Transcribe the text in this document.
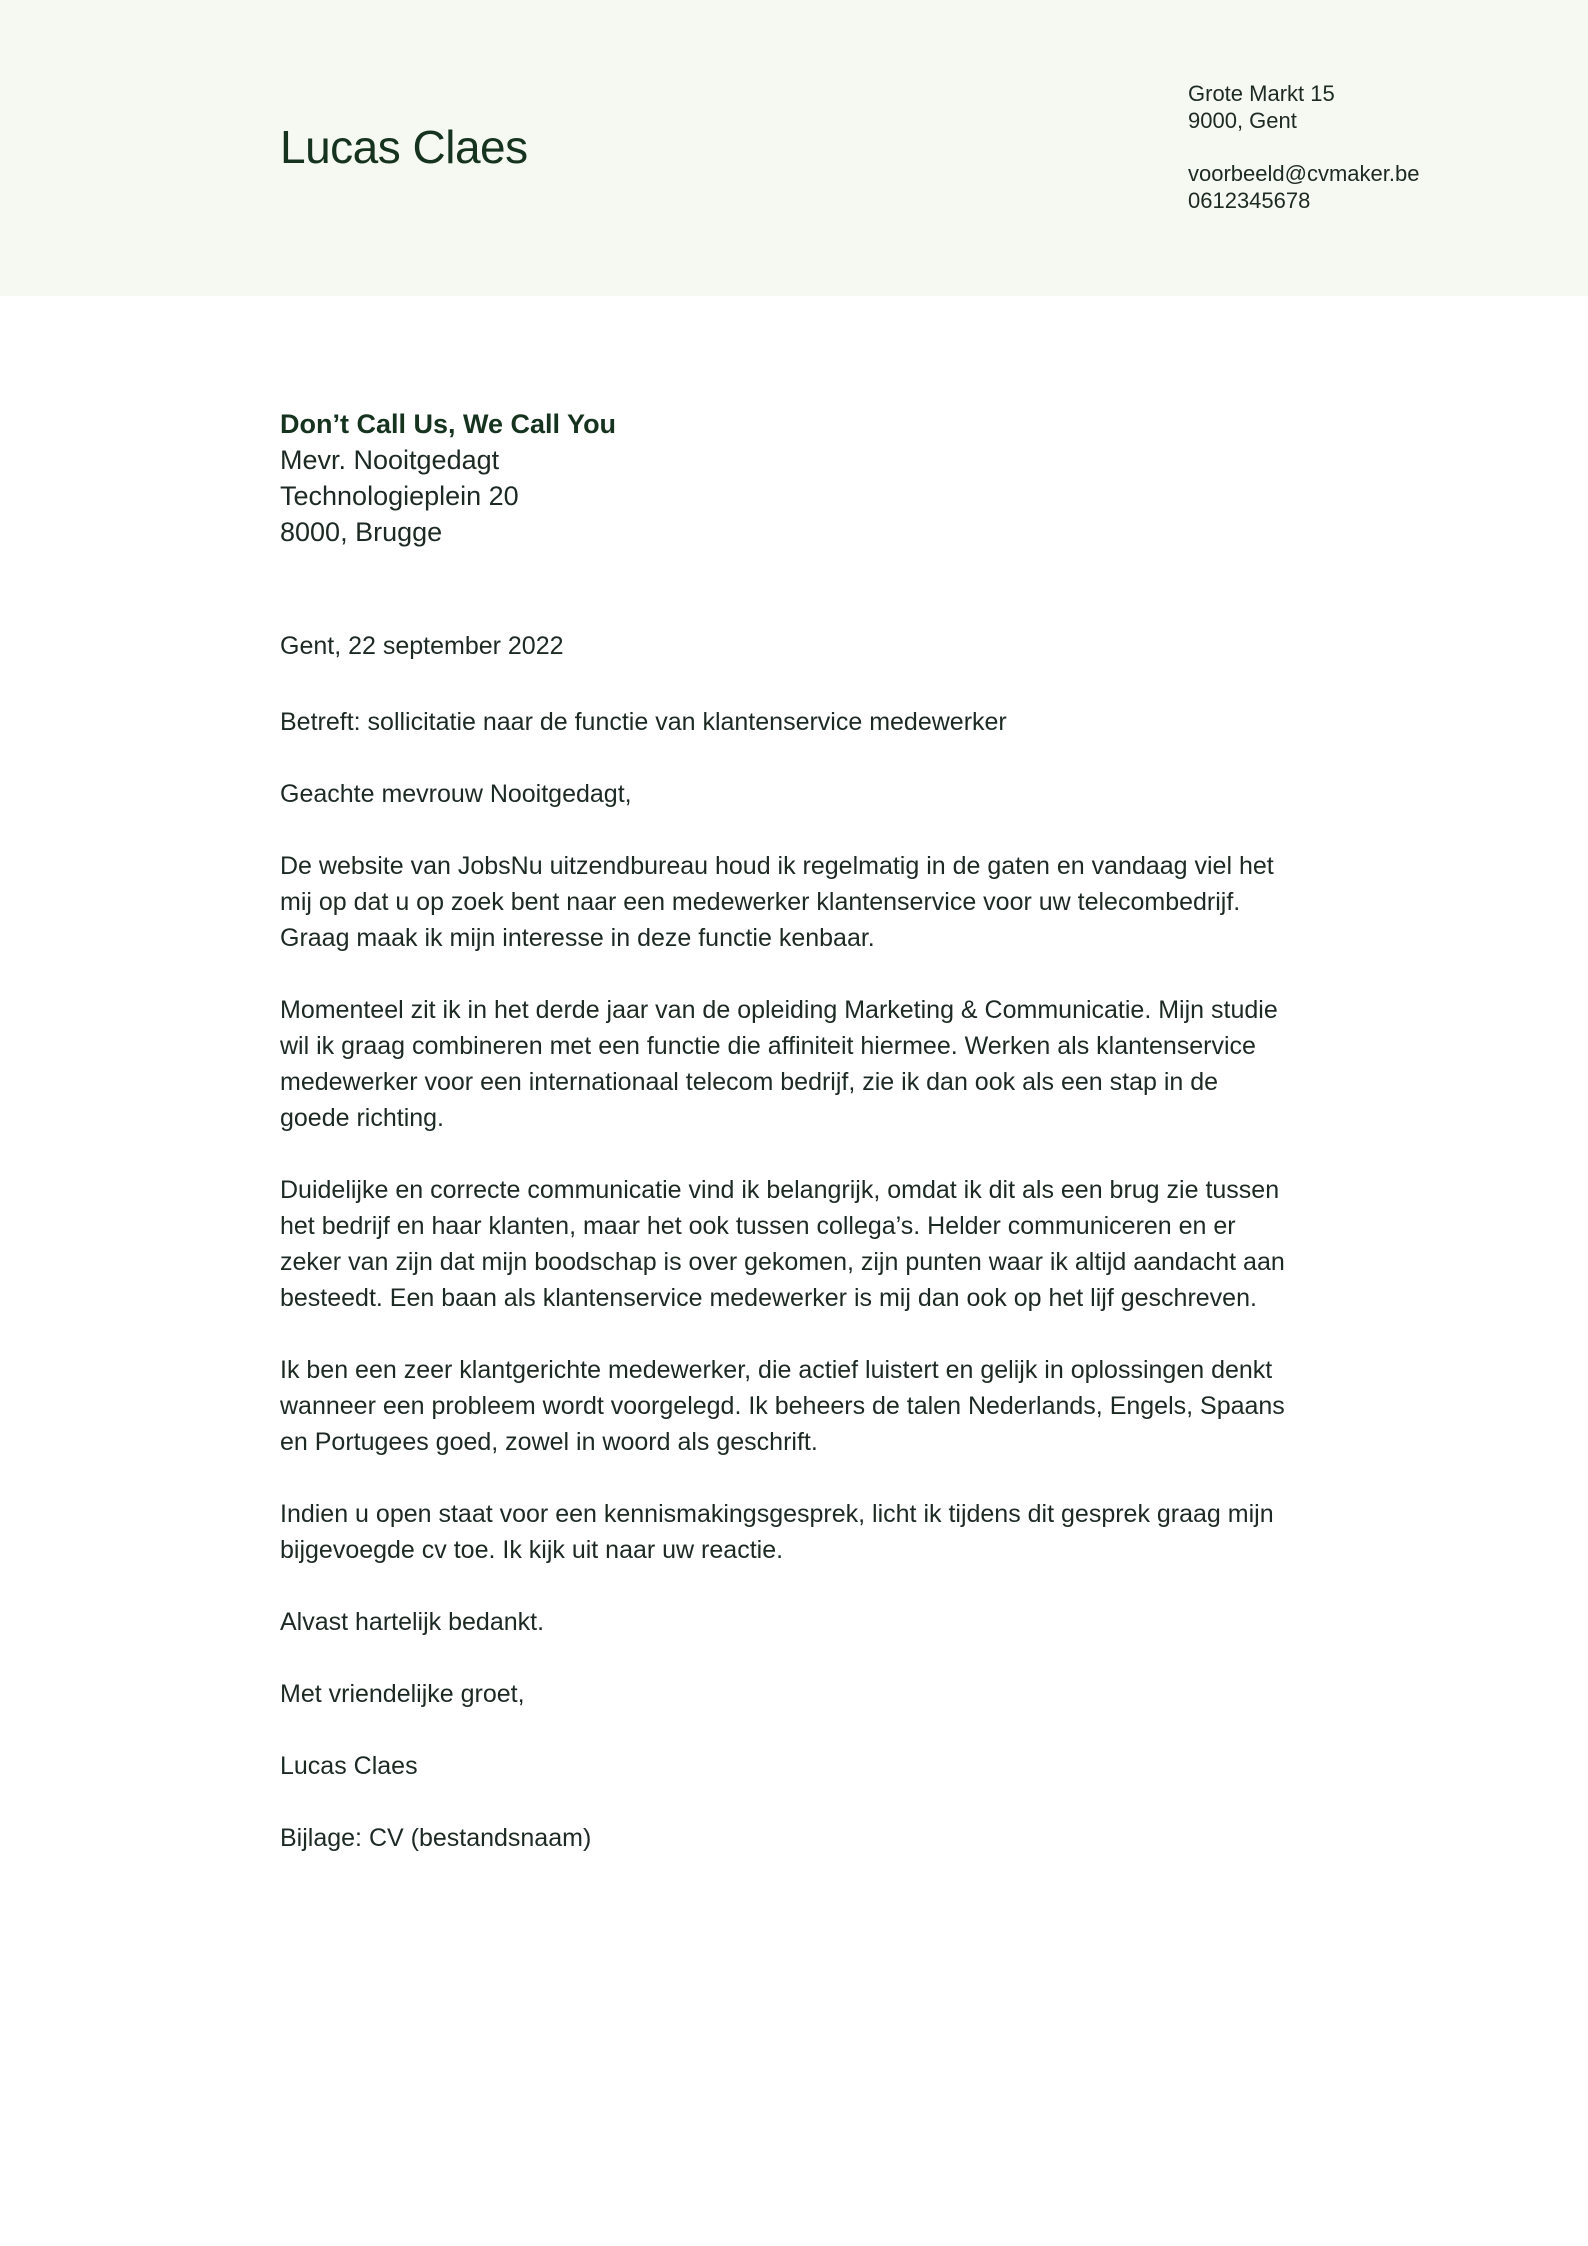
Lucas Claes
Grote Markt 15
9000, Gent
voorbeeld@cvmaker.be
0612345678
Don’t Call Us, We Call You
Mevr. Nooitgedagt
Technologieplein 20
8000, Brugge

Gent, 22 september 2022

Betreft: sollicitatie naar de functie van klantenservice medewerker

Geachte mevrouw Nooitgedagt,

De website van JobsNu uitzendbureau houd ik regelmatig in de gaten en vandaag viel het
mij op dat u op zoek bent naar een medewerker klantenservice voor uw telecombedrijf.
Graag maak ik mijn interesse in deze functie kenbaar.

Momenteel zit ik in het derde jaar van de opleiding Marketing & Communicatie. Mijn studie
wil ik graag combineren met een functie die affiniteit hiermee. Werken als klantenservice
medewerker voor een internationaal telecom bedrijf, zie ik dan ook als een stap in de
goede richting.

Duidelijke en correcte communicatie vind ik belangrijk, omdat ik dit als een brug zie tussen
het bedrijf en haar klanten, maar het ook tussen collega’s. Helder communiceren en er
zeker van zijn dat mijn boodschap is over gekomen, zijn punten waar ik altijd aandacht aan
besteedt. Een baan als klantenservice medewerker is mij dan ook op het lijf geschreven.

Ik ben een zeer klantgerichte medewerker, die actief luistert en gelijk in oplossingen denkt
wanneer een probleem wordt voorgelegd. Ik beheers de talen Nederlands, Engels, Spaans
en Portugees goed, zowel in woord als geschrift.

Indien u open staat voor een kennismakingsgesprek, licht ik tijdens dit gesprek graag mijn
bijgevoegde cv toe. Ik kijk uit naar uw reactie.

Alvast hartelijk bedankt.

Met vriendelijke groet,

Lucas Claes

Bijlage: CV (bestandsnaam)
